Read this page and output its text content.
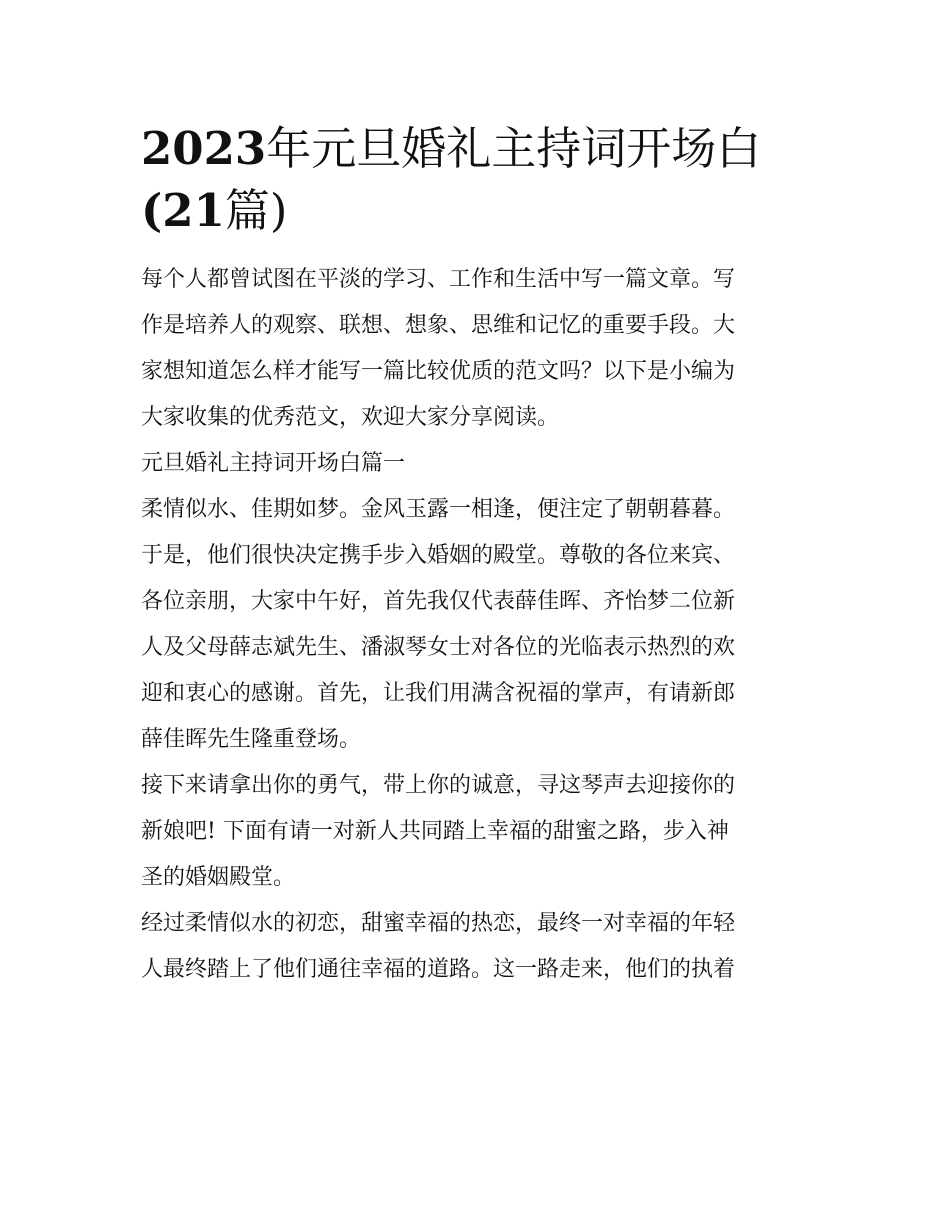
2023年元旦婚礼主持词开场白
(21篇)

每个人都曾试图在平淡的学习、工作和生活中写一篇文章。写
作是培养人的观察、联想、想象、思维和记忆的重要手段。大
家想知道怎么样才能写一篇比较优质的范文吗？以下是小编为
大家收集的优秀范文，欢迎大家分享阅读。

元旦婚礼主持词开场白篇一

柔情似水、佳期如梦。金风玉露一相逢，便注定了朝朝暮暮。
于是，他们很快决定携手步入婚姻的殿堂。尊敬的各位来宾、
各位亲朋，大家中午好，首先我仅代表薛佳晖、齐怡梦二位新
人及父母薛志斌先生、潘淑琴女士对各位的光临表示热烈的欢
迎和衷心的感谢。首先，让我们用满含祝福的掌声，有请新郎
薛佳晖先生隆重登场。

接下来请拿出你的勇气，带上你的诚意，寻这琴声去迎接你的
新娘吧! 下面有请一对新人共同踏上幸福的甜蜜之路，步入神
圣的婚姻殿堂。

经过柔情似水的初恋，甜蜜幸福的热恋，最终一对幸福的年轻
人最终踏上了他们通往幸福的道路。这一路走来，他们的执着
